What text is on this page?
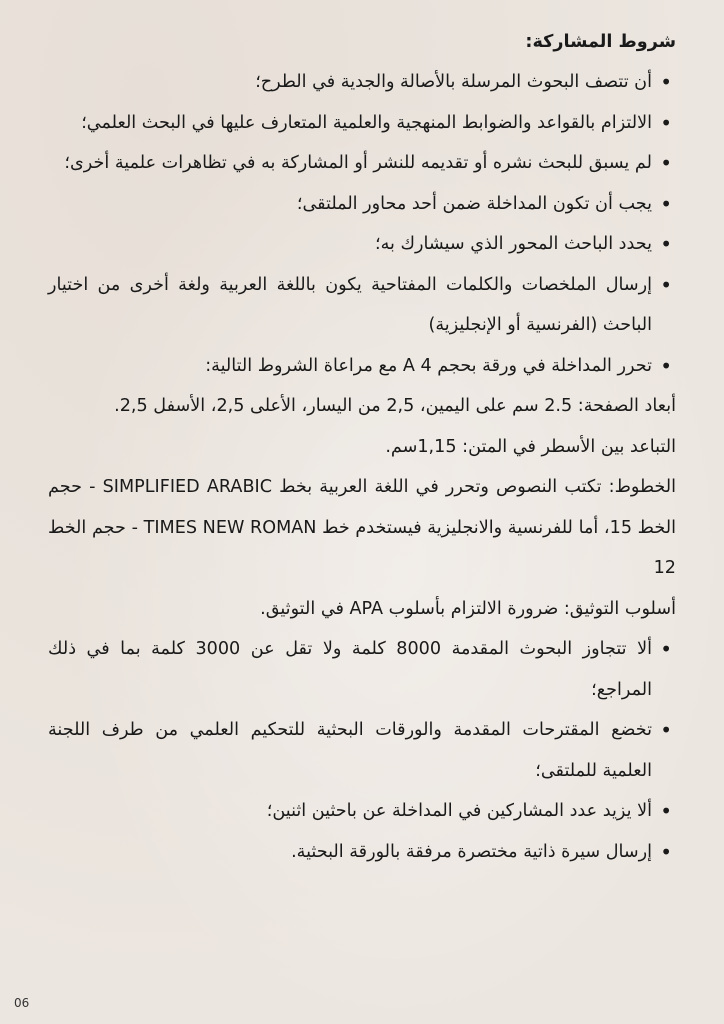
شروط المشاركة:

• أن تتصف البحوث المرسلة بالأصالة والجدية في الطرح؛
• الالتزام بالقواعد والضوابط المنهجية والعلمية المتعارف عليها في البحث العلمي؛
• لم يسبق للبحث نشره أو تقديمه للنشر أو المشاركة به في تظاهرات علمية أخرى؛
• يجب أن تكون المداخلة ضمن أحد محاور الملتقى؛
• يحدد الباحث المحور الذي سيشارك به؛
• إرسال الملخصات والكلمات المفتاحية يكون باللغة العربية ولغة أخرى من اختيار الباحث (الفرنسية أو الإنجليزية)
• تحرر المداخلة في ورقة بحجم A 4 مع مراعاة الشروط التالية:

أبعاد الصفحة: 2.5 سم على اليمين، 2,5 من اليسار، الأعلى 2,5، الأسفل 2,5.

التباعد بين الأسطر في المتن: 1,15سم.

الخطوط: تكتب النصوص وتحرر في اللغة العربية بخط SIMPLIFIED ARABIC - حجم الخط 15، أما للفرنسية والانجليزية فيستخدم خط TIMES NEW ROMAN - حجم الخط 12

أسلوب التوثيق: ضرورة الالتزام بأسلوب APA في التوثيق.

• ألا تتجاوز البحوث المقدمة 8000 كلمة ولا تقل عن 3000 كلمة بما في ذلك المراجع؛
• تخضع المقترحات المقدمة والورقات البحثية للتحكيم العلمي من طرف اللجنة العلمية للملتقى؛
• ألا يزيد عدد المشاركين في المداخلة عن باحثين اثنين؛
• إرسال سيرة ذاتية مختصرة مرفقة بالورقة البحثية.
06
